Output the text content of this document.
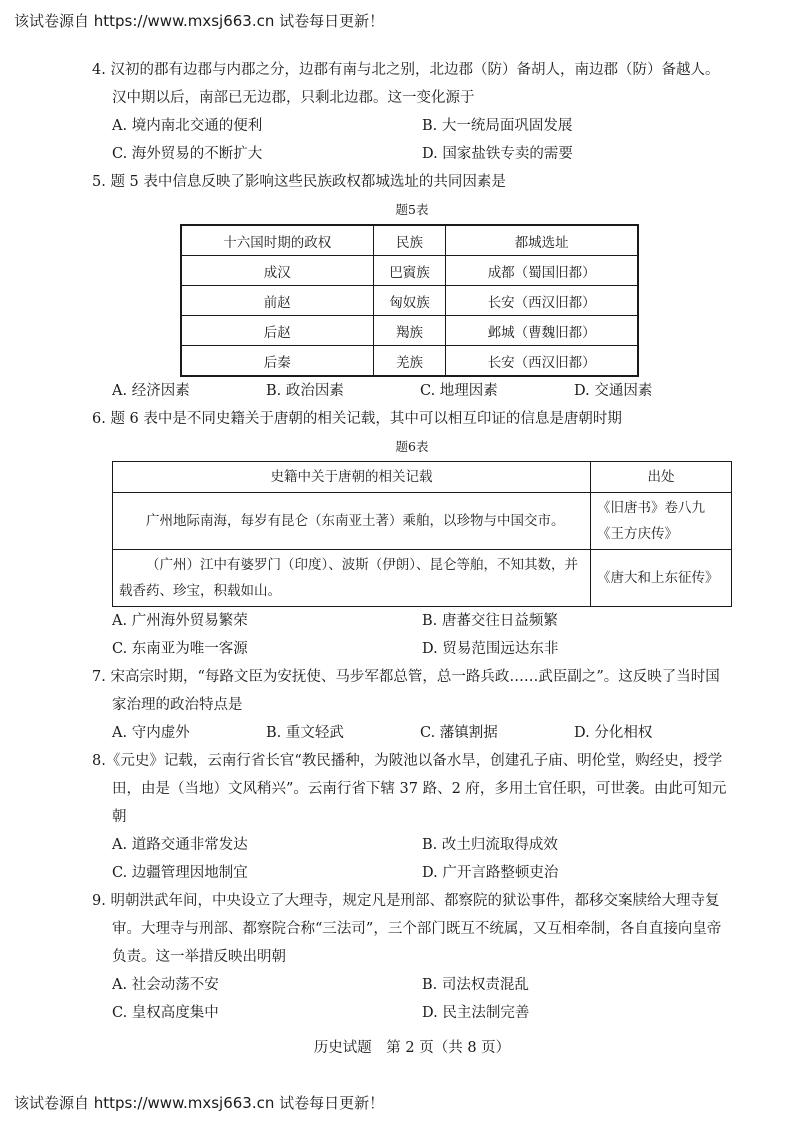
该试卷源自 https://www.mxsj663.cn 试卷每日更新！
4. 汉初的郡有边郡与内郡之分，边郡有南与北之别，北边郡（防）备胡人，南边郡（防）备越人。汉中期以后，南部已无边郡，只剩北边郡。这一变化源于
A. 境内南北交通的便利	B. 大一统局面巩固发展
C. 海外贸易的不断扩大	D. 国家盐铁专卖的需要
5. 题 5 表中信息反映了影响这些民族政权都城选址的共同因素是
题5表
十六国时期的政权	民族	都城选址
成汉	巴賨族	成都（蜀国旧都）
前赵	匈奴族	长安（西汉旧都）
后赵	羯族	邺城（曹魏旧都）
后秦	羌族	长安（西汉旧都）
A. 经济因素	B. 政治因素	C. 地理因素	D. 交通因素
6. 题 6 表中是不同史籍关于唐朝的相关记载，其中可以相互印证的信息是唐朝时期
题6表
史籍中关于唐朝的相关记载	出处
广州地际南海，每岁有昆仑（东南亚土著）乘舶，以珍物与中国交市。	《旧唐书》卷八九《王方庆传》
（广州）江中有婆罗门（印度）、波斯（伊朗）、昆仑等舶，不知其数，并载香药、珍宝，积载如山。	《唐大和上东征传》
A. 广州海外贸易繁荣	B. 唐蕃交往日益频繁
C. 东南亚为唯一客源	D. 贸易范围远达东非
7. 宋高宗时期，“每路文臣为安抚使、马步军都总管，总一路兵政……武臣副之”。这反映了当时国家治理的政治特点是
A. 守内虚外	B. 重文轻武	C. 藩镇割据	D. 分化相权
8.《元史》记载，云南行省长官“教民播种，为陂池以备水旱，创建孔子庙、明伦堂，购经史，授学田，由是（当地）文风稍兴”。云南行省下辖 37 路、2 府，多用土官任职，可世袭。由此可知元朝
A. 道路交通非常发达	B. 改土归流取得成效
C. 边疆管理因地制宜	D. 广开言路整顿吏治
9. 明朝洪武年间，中央设立了大理寺，规定凡是刑部、都察院的狱讼事件，都移交案牍给大理寺复审。大理寺与刑部、都察院合称“三法司”，三个部门既互不统属，又互相牵制，各自直接向皇帝负责。这一举措反映出明朝
A. 社会动荡不安	B. 司法权责混乱
C. 皇权高度集中	D. 民主法制完善
历史试题　第 2 页（共 8 页）
该试卷源自 https://www.mxsj663.cn 试卷每日更新！
